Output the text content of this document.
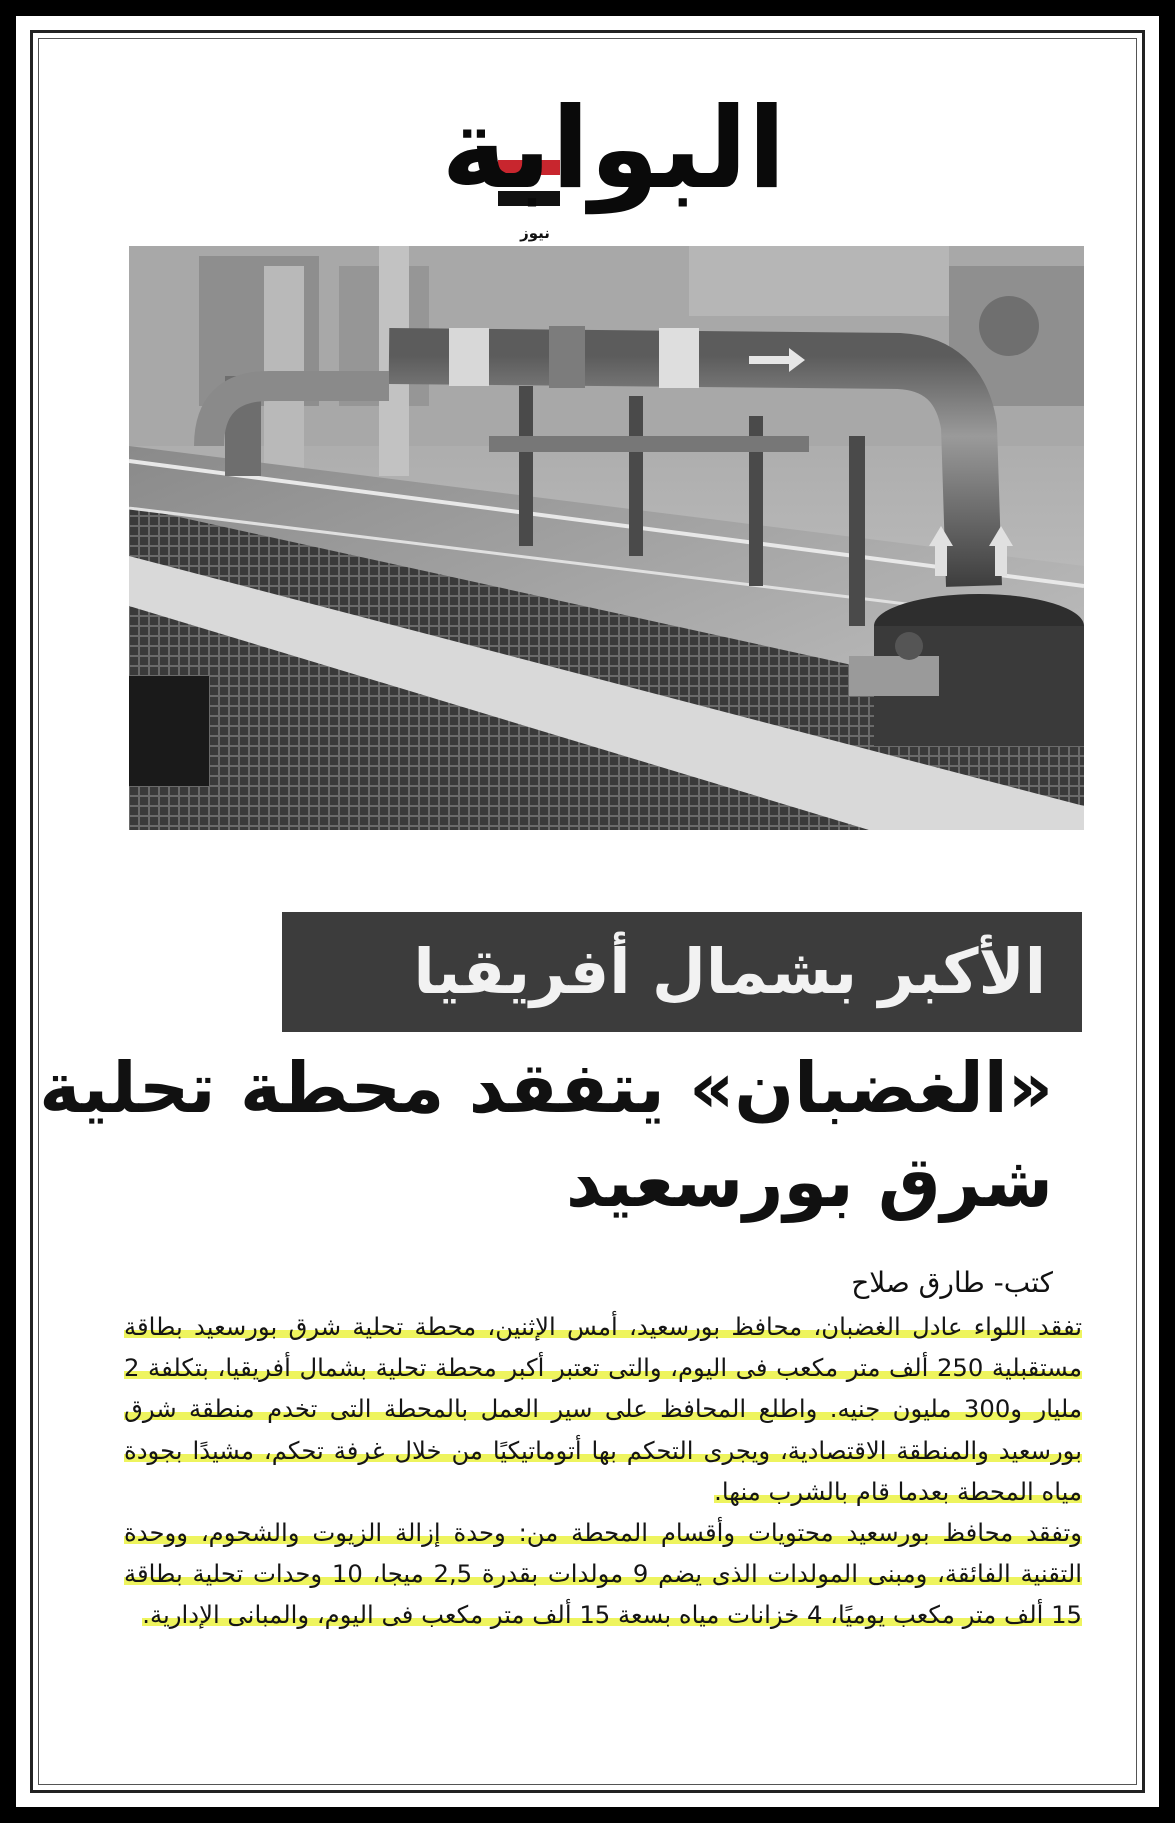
البوابة
نيوز
الأكبر بشمال أفريقيا
«الغضبان» يتفقد محطة تحلية
شرق بورسعيد
كتب- طارق صلاح

تفقد اللواء عادل الغضبان، محافظ بورسعيد، أمس الإثنين، محطة تحلية شرق بورسعيد بطاقة مستقبلية 250 ألف متر مكعب فى اليوم، والتى تعتبر أكبر محطة تحلية بشمال أفريقيا، بتكلفة 2 مليار و300 مليون جنيه. واطلع المحافظ على سير العمل بالمحطة التى تخدم منطقة شرق بورسعيد والمنطقة الاقتصادية، ويجرى التحكم بها أتوماتيكيًا من خلال غرفة تحكم، مشيدًا بجودة مياه المحطة بعدما قام بالشرب منها.

وتفقد محافظ بورسعيد محتويات وأقسام المحطة من: وحدة إزالة الزيوت والشحوم، ووحدة التقنية الفائقة، ومبنى المولدات الذى يضم 9 مولدات بقدرة 2,5 ميجا، 10 وحدات تحلية بطاقة 15 ألف متر مكعب يوميًا، 4 خزانات مياه بسعة 15 ألف متر مكعب فى اليوم، والمبانى الإدارية.
